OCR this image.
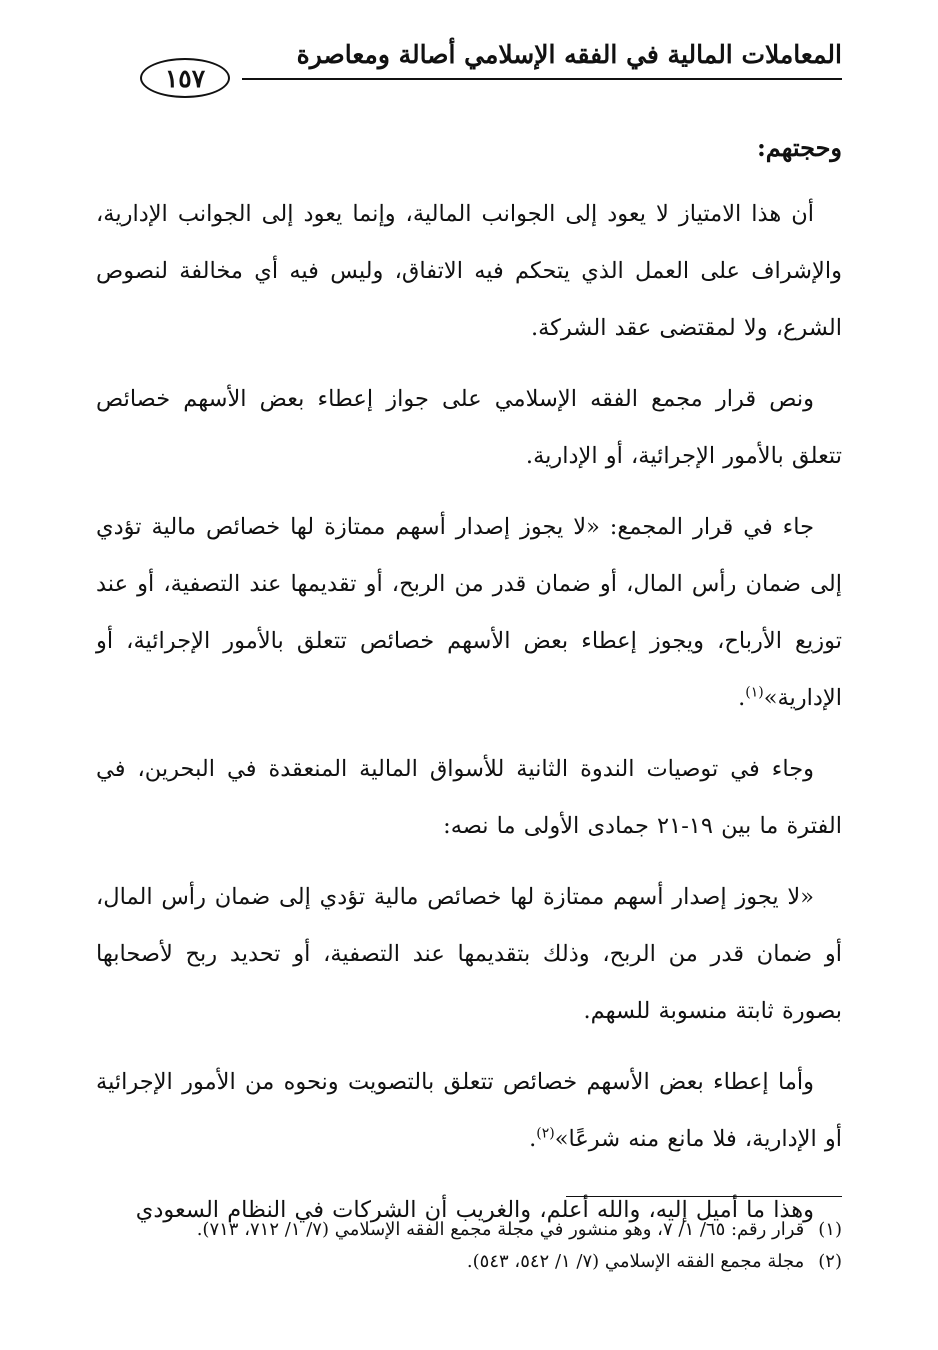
المعاملات المالية في الفقه الإسلامي أصالة ومعاصرة
١٥٧

وحجتهم:

أن هذا الامتياز لا يعود إلى الجوانب المالية، وإنما يعود إلى الجوانب الإدارية، والإشراف على العمل الذي يتحكم فيه الاتفاق، وليس فيه أي مخالفة لنصوص الشرع، ولا لمقتضى عقد الشركة.

ونص قرار مجمع الفقه الإسلامي على جواز إعطاء بعض الأسهم خصائص تتعلق بالأمور الإجرائية، أو الإدارية.

جاء في قرار المجمع: «لا يجوز إصدار أسهم ممتازة لها خصائص مالية تؤدي إلى ضمان رأس المال، أو ضمان قدر من الربح، أو تقديمها عند التصفية، أو عند توزيع الأرباح، ويجوز إعطاء بعض الأسهم خصائص تتعلق بالأمور الإجرائية، أو الإدارية»$^{(١)}$.

وجاء في توصيات الندوة الثانية للأسواق المالية المنعقدة في البحرين، في الفترة ما بين ١٩-٢١ جمادى الأولى ما نصه:

«لا يجوز إصدار أسهم ممتازة لها خصائص مالية تؤدي إلى ضمان رأس المال، أو ضمان قدر من الربح، وذلك بتقديمها عند التصفية، أو تحديد ربح لأصحابها بصورة ثابتة منسوبة للسهم.

وأما إعطاء بعض الأسهم خصائص تتعلق بالتصويت ونحوه من الأمور الإجرائية أو الإدارية، فلا مانع منه شرعًا»$^{(٢)}$.

وهذا ما أميل إليه، والله أعلم، والغريب أن الشركات في النظام السعودي

(١)قرار رقم: ٦٥/ ١/ ٧، وهو منشور في مجلة مجمع الفقه الإسلامي (٧/ ١/ ٧١٢، ٧١٣).

(٢)مجلة مجمع الفقه الإسلامي (٧/ ١/ ٥٤٢، ٥٤٣).
